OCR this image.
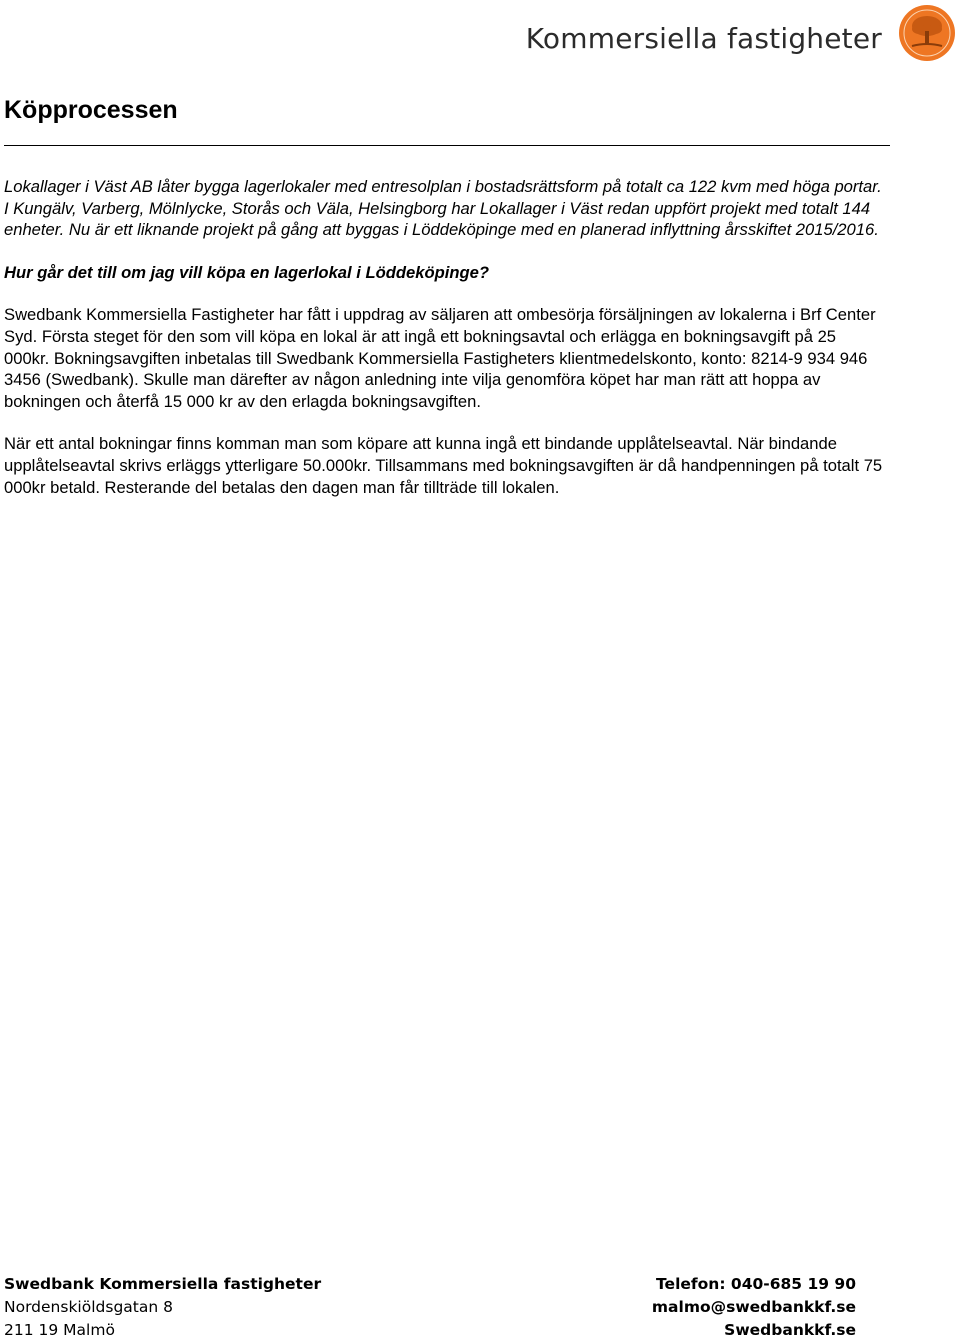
Kommersiella fastigheter
Köpprocessen

Lokallager i Väst AB låter bygga lagerlokaler med entresolplan i bostadsrättsform på totalt ca 122 kvm med höga portar.

I Kungälv, Varberg, Mölnlycke, Storås och Väla, Helsingborg har Lokallager i Väst redan uppfört projekt med totalt 144 enheter. Nu är ett liknande projekt på gång att byggas i Löddeköpinge med en planerad inflyttning årsskiftet 2015/2016.

Hur går det till om jag vill köpa en lagerlokal i Löddeköpinge?

Swedbank Kommersiella Fastigheter har fått i uppdrag av säljaren att ombesörja försäljningen av lokalerna i Brf Center Syd. Första steget för den som vill köpa en lokal är att ingå ett bokningsavtal och erlägga en bokningsavgift på 25 000kr. Bokningsavgiften inbetalas till Swedbank Kommersiella Fastigheters klientmedelskonto, konto: 8214-9 934 946 3456 (Swedbank). Skulle man därefter av någon anledning inte vilja genomföra köpet har man rätt att hoppa av bokningen och återfå 15 000 kr av den erlagda bokningsavgiften.

När ett antal bokningar finns komman man som köpare att kunna ingå ett bindande upplåtelseavtal. När bindande upplåtelseavtal skrivs erläggs ytterligare 50.000kr. Tillsammans med bokningsavgiften är då handpenningen på totalt 75 000kr betald. Resterande del betalas den dagen man får tillträde till lokalen.

Swedbank Kommersiella fastigheter	Telefon: 040-685 19 90
Nordenskiöldsgatan 8	malmo@swedbankkf.se
211 19 Malmö	Swedbankkf.se
